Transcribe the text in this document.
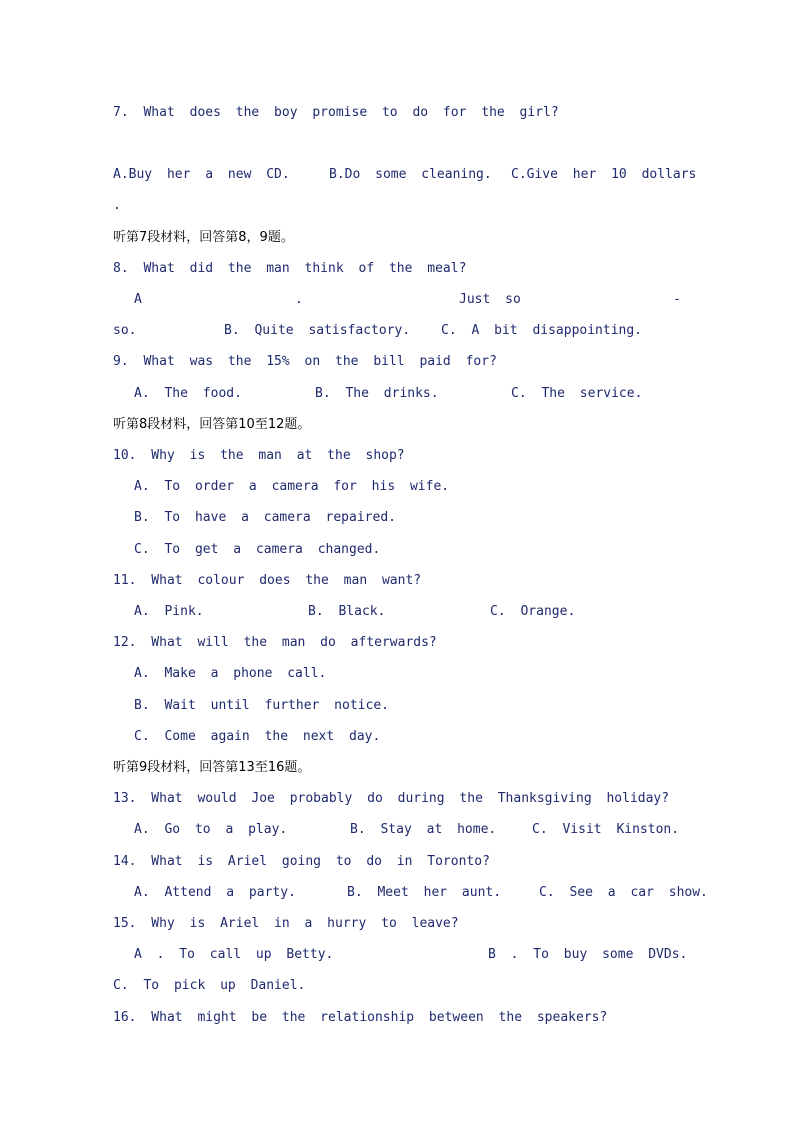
7. What does the boy promise to do for the girl?
A.Buy her a new CD.	B.Do some cleaning. C.Give her 10 dollars
.
听第7段材料，回答第8，9题。
8. What did the man think of the meal?
A	.	Just so	-
so.	B. Quite satisfactory. C. A bit disappointing.
9. What was the 15% on the bill paid for?
A. The food.	B. The drinks.	C. The service.
听第8段材料，回答第10至12题。
10. Why is the man at the shop?
A. To order a camera for his wife.
B. To have a camera repaired.
C. To get a camera changed.
11. What colour does the man want?
A. Pink.	B. Black.	C. Orange.
12. What will the man do afterwards?
A. Make a phone call.
B. Wait until further notice.
C. Come again the next day.
听第9段材料，回答第13至16题。
13. What would Joe probably do during the Thanksgiving holiday?
A. Go to a play.	B. Stay at home.	C. Visit Kinston.
14. What is Ariel going to do in Toronto?
A. Attend a party.	B. Meet her aunt.	C. See a car show.
15. Why is Ariel in a hurry to leave?
A . To call up Betty.	B . To buy some DVDs.
C. To pick up Daniel.
16. What might be the relationship between the speakers?
